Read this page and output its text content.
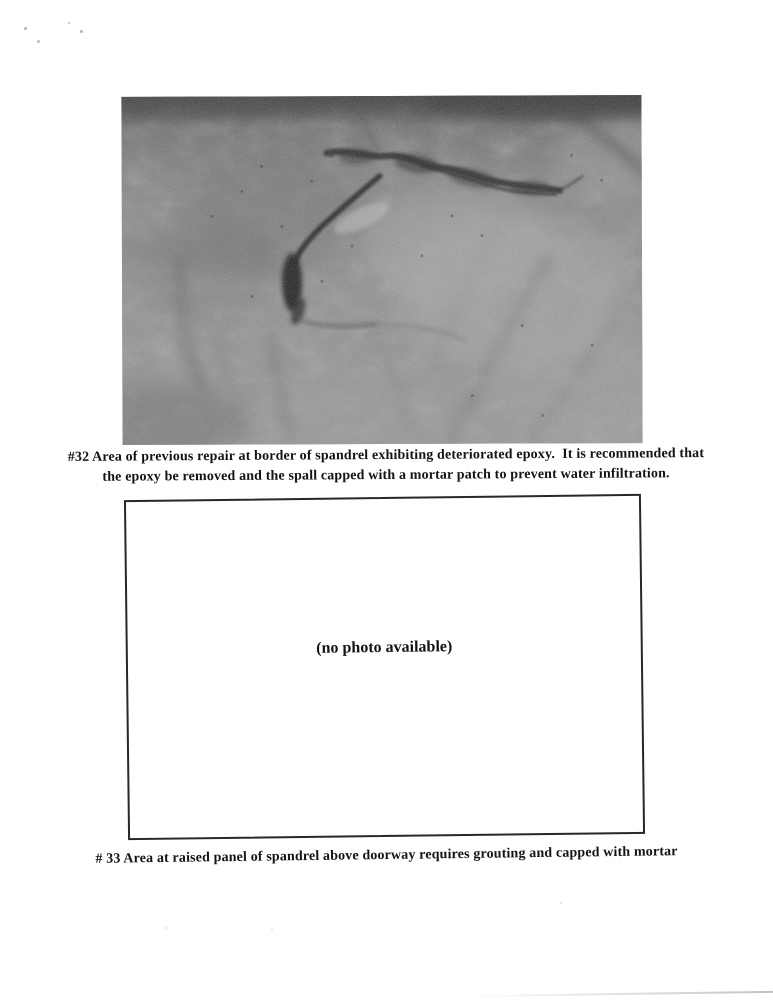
#32 Area of previous repair at border of spandrel exhibiting deteriorated epoxy.  It is recommended that
the epoxy be removed and the spall capped with a mortar patch to prevent water infiltration.
(no photo available)
# 33 Area at raised panel of spandrel above doorway requires grouting and capped with mortar
